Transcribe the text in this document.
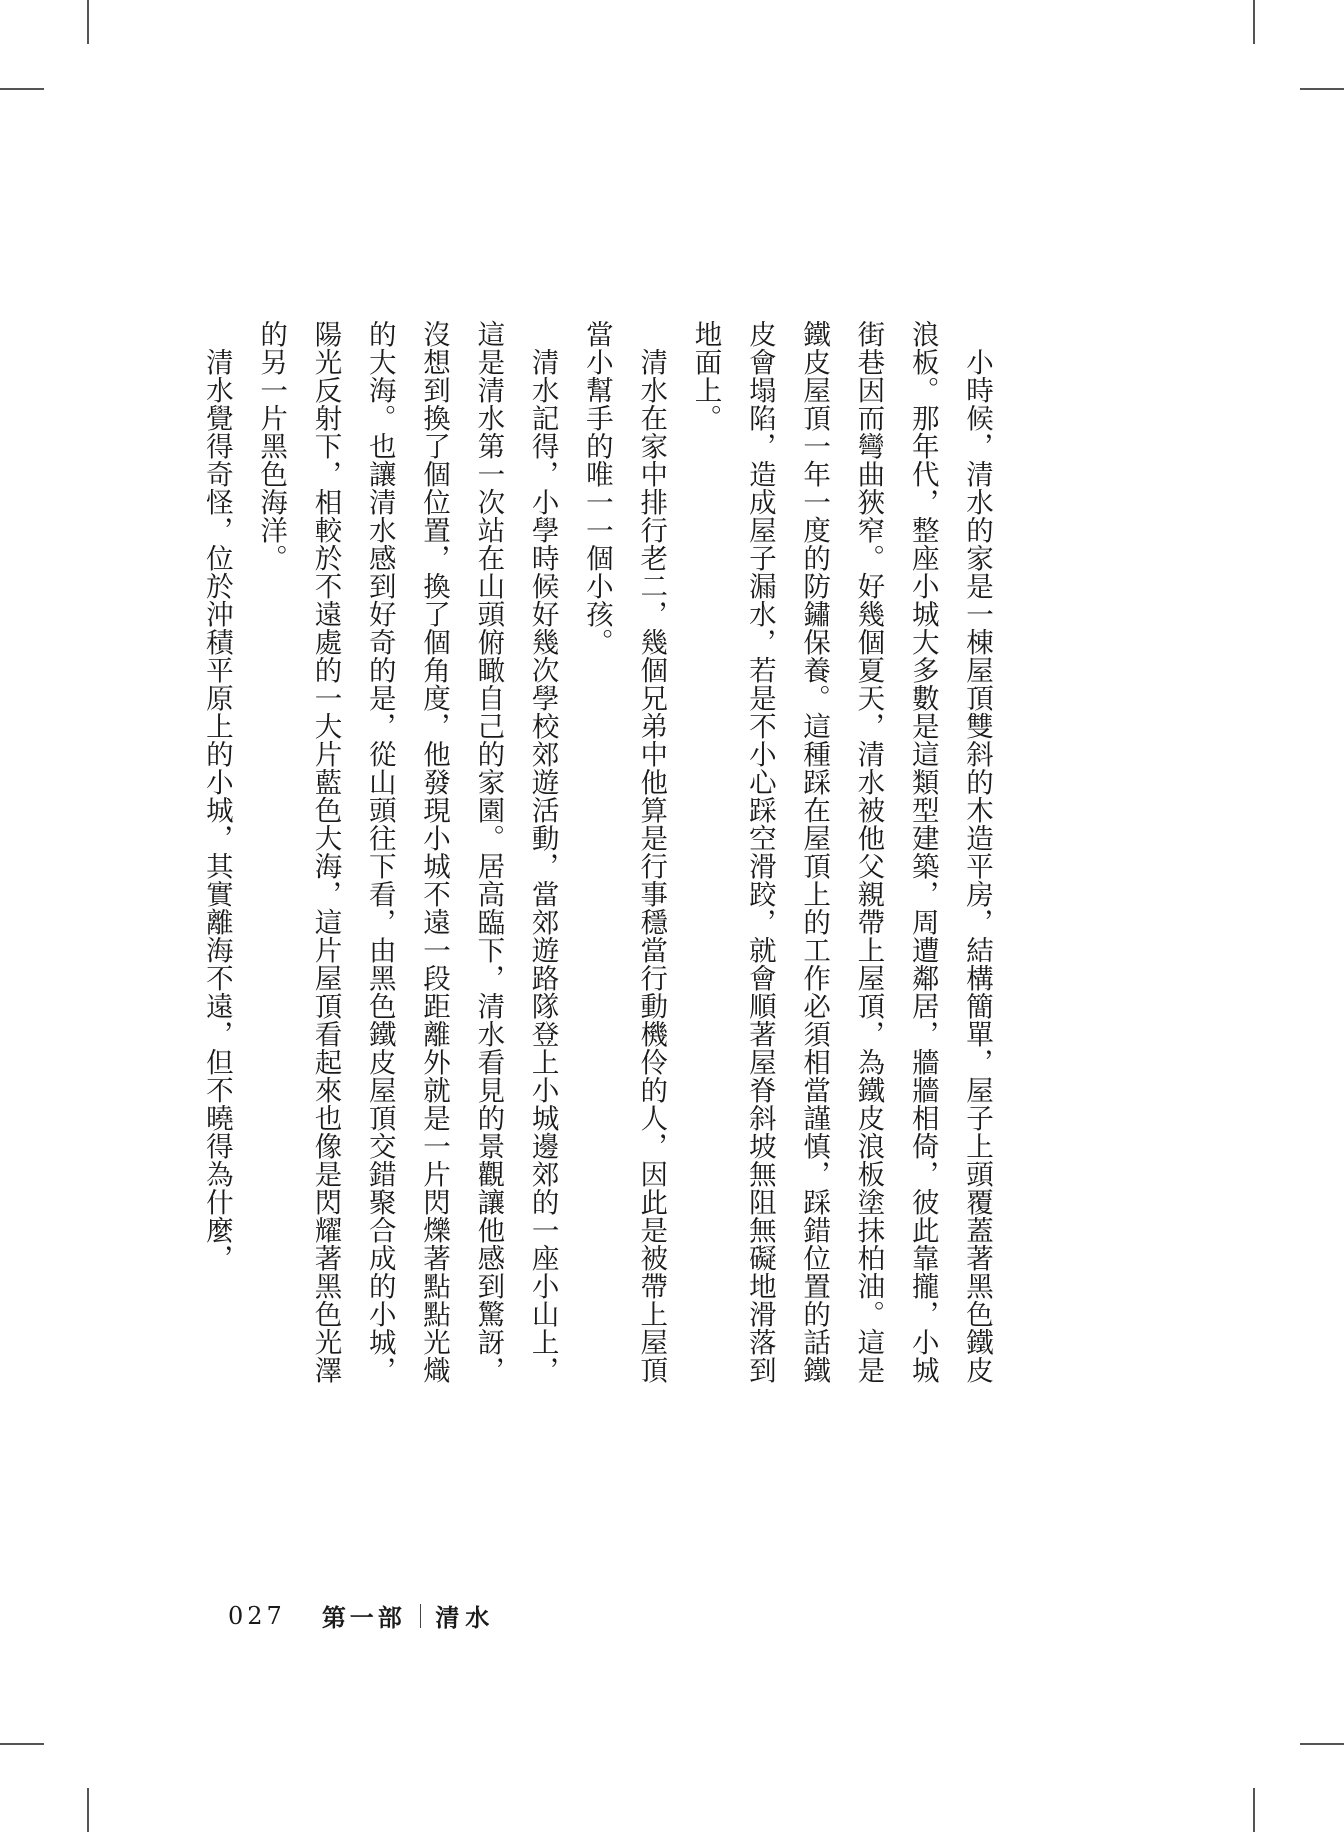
小時候，清水的家是一棟屋頂雙斜的木造平房，結構簡單，屋子上頭覆蓋著黑色鐵皮浪板。那年代，整座小城大多數是這類型建築，周遭鄰居，牆牆相倚，彼此靠攏，小城街巷因而彎曲狹窄。好幾個夏天，清水被他父親帶上屋頂，為鐵皮浪板塗抹柏油。這是鐵皮屋頂一年一度的防鏽保養。這種踩在屋頂上的工作必須相當謹慎，踩錯位置的話鐵皮會塌陷，造成屋子漏水，若是不小心踩空滑跤，就會順著屋脊斜坡無阻無礙地滑落到地面上。

清水在家中排行老二，幾個兄弟中他算是行事穩當行動機伶的人，因此是被帶上屋頂當小幫手的唯一一個小孩。

清水記得，小學時候好幾次學校郊遊活動，當郊遊路隊登上小城邊郊的一座小山上，這是清水第一次站在山頭俯瞰自己的家園。居高臨下，清水看見的景觀讓他感到驚訝，沒想到換了個位置，換了個角度，他發現小城不遠一段距離外就是一片閃爍著點點光熾的大海。也讓清水感到好奇的是，從山頭往下看，由黑色鐵皮屋頂交錯聚合成的小城，陽光反射下，相較於不遠處的一大片藍色大海，這片屋頂看起來也像是閃耀著黑色光澤的另一片黑色海洋。

清水覺得奇怪，位於沖積平原上的小城，其實離海不遠，但不曉得為什麼，

027 第一部 清水
